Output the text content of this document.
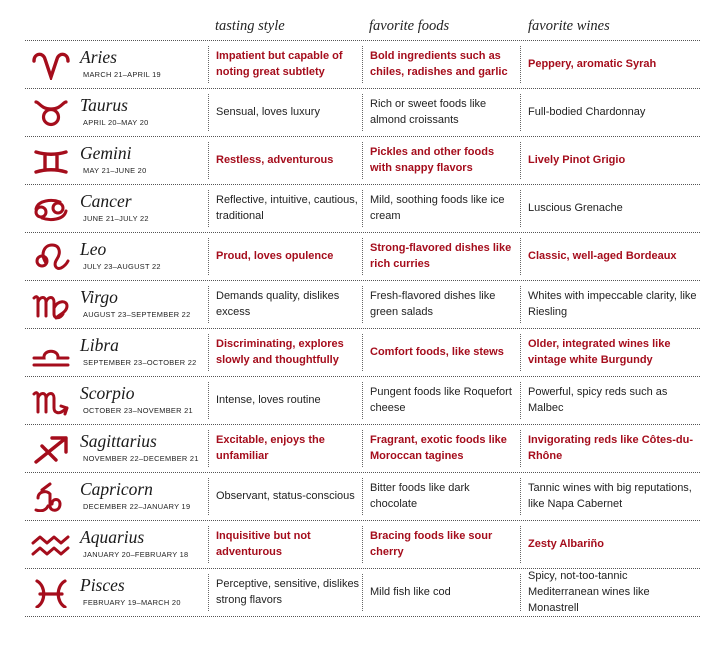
tasting style	favorite foods	favorite wines
Aries
MARCH 21–APRIL 19
Impatient but capable of noting great subtlety
Bold ingredients such as chiles, radishes and garlic
Peppery, aromatic Syrah
Taurus
APRIL 20–MAY 20
Sensual, loves luxury
Rich or sweet foods like almond croissants
Full-bodied Chardonnay
Gemini
MAY 21–JUNE 20
Restless, adventurous
Pickles and other foods with snappy flavors
Lively Pinot Grigio
Cancer
JUNE 21–JULY 22
Reflective, intuitive, cautious, traditional
Mild, soothing foods like ice cream
Luscious Grenache
Leo
JULY 23–AUGUST 22
Proud, loves opulence
Strong-flavored dishes like rich curries
Classic, well-aged Bordeaux
Virgo
AUGUST 23–SEPTEMBER 22
Demands quality, dislikes excess
Fresh-flavored dishes like green salads
Whites with impeccable clarity, like Riesling
Libra
SEPTEMBER 23–OCTOBER 22
Discriminating, explores slowly and thoughtfully
Comfort foods, like stews
Older, integrated wines like vintage white Burgundy
Scorpio
OCTOBER 23–NOVEMBER 21
Intense, loves routine
Pungent foods like Roquefort cheese
Powerful, spicy reds such as Malbec
Sagittarius
NOVEMBER 22–DECEMBER 21
Excitable, enjoys the unfamiliar
Fragrant, exotic foods like Moroccan tagines
Invigorating reds like Côtes-du-Rhône
Capricorn
DECEMBER 22–JANUARY 19
Observant, status-conscious
Bitter foods like dark chocolate
Tannic wines with big reputations, like Napa Cabernet
Aquarius
JANUARY 20–FEBRUARY 18
Inquisitive but not adventurous
Bracing foods like sour cherry
Zesty Albariño
Pisces
FEBRUARY 19–MARCH 20
Perceptive, sensitive, dislikes strong flavors
Mild fish like cod
Spicy, not-too-tannic Mediterranean wines like Monastrell
